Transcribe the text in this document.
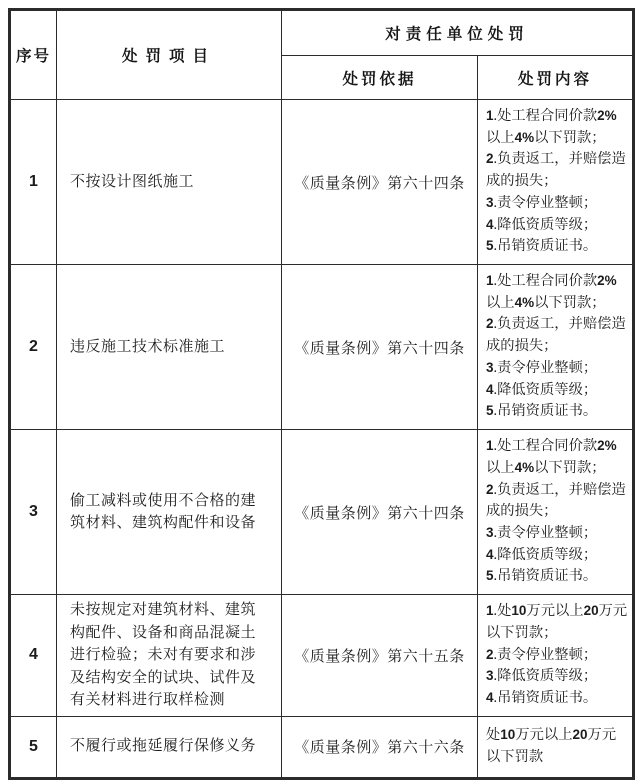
序号	处罚项目	对责任单位处罚	
		处罚依据	处罚内容
1	不按设计图纸施工	《质量条例》第六十四条	1.处工程合同价款2%以上4%以下罚款；
2.负责返工，并赔偿造成的损失；
3.责令停业整顿；
4.降低资质等级；
5.吊销资质证书。

2	违反施工技术标准施工	《质量条例》第六十四条	1.处工程合同价款2%以上4%以下罚款；
2.负责返工，并赔偿造成的损失；
3.责令停业整顿；
4.降低资质等级；
5.吊销资质证书。

3	偷工减料或使用不合格的建筑材料、建筑构配件和设备	《质量条例》第六十四条	1.处工程合同价款2%以上4%以下罚款；
2.负责返工，并赔偿造成的损失；
3.责令停业整顿；
4.降低资质等级；
5.吊销资质证书。

4	未按规定对建筑材料、建筑构配件、设备和商品混凝土进行检验；未对有要求和涉及结构安全的试块、试件及有关材料进行取样检测	《质量条例》第六十五条	1.处10万元以上20万元以下罚款；
2.责令停业整顿；
3.降低资质等级；
4.吊销资质证书。

5	不履行或拖延履行保修义务	《质量条例》第六十六条	处10万元以上20万元以下罚款
